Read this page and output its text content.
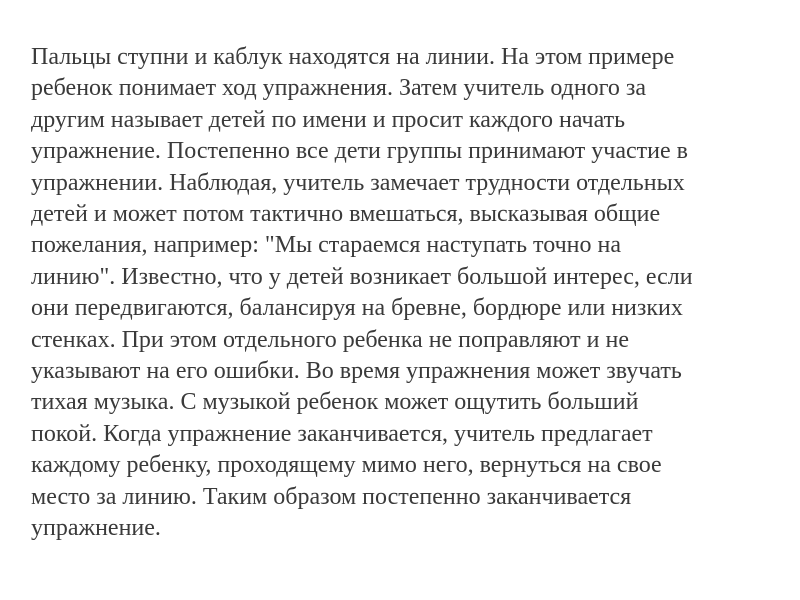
Пальцы ступни и каблук находятся на линии. На этом примере
ребенок понимает ход упражнения. Затем учитель одного за
другим называет детей по имени и просит каждого начать
упражнение. Постепенно все дети группы принимают участие в
упражнении. Наблюдая, учитель замечает трудности отдельных
детей и может потом тактично вмешаться, высказывая общие
пожелания, например: "Мы стараемся наступать точно на
линию". Известно, что у детей возникает большой интерес, если
они передвигаются, балансируя на бревне, бордюре или низких
стенках. При этом отдельного ребенка не поправляют и не
указывают на его ошибки. Во время упражнения может звучать
тихая музыка. С музыкой ребенок может ощутить больший
покой. Когда упражнение заканчивается, учитель предлагает
каждому ребенку, проходящему мимо него, вернуться на свое
место за линию. Таким образом постепенно заканчивается
упражнение.
